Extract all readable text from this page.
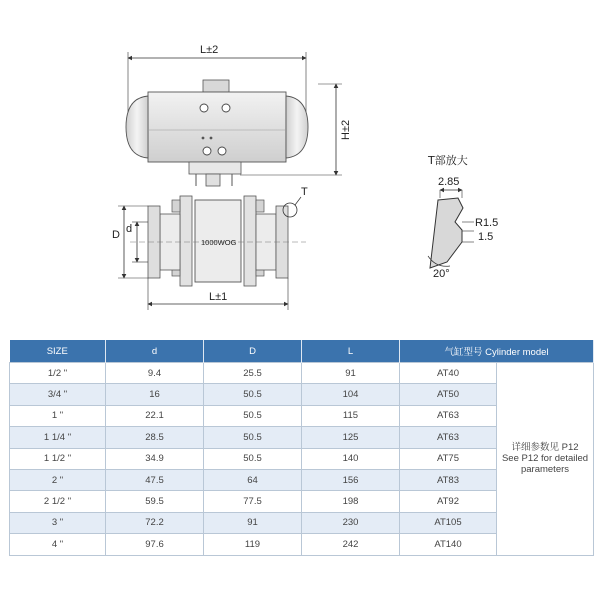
L±2
H±2
1000WOG
T
D d
L±1
T部放大
2.85
R1.5
1.5
20°
SIZE	d	D	L	气缸型号 Cylinder model	
1/2 "	9.4	25.5	91	AT40	详细参数见 P12
See P12 for detailed
parameters

3/4 "	16	50.5	104	AT50	
1 "	22.1	50.5	115	AT63	
1 1/4 "	28.5	50.5	125	AT63	
1 1/2 "	34.9	50.5	140	AT75	
2 "	47.5	64	156	AT83	
2 1/2 "	59.5	77.5	198	AT92	
3 "	72.2	91	230	AT105	
4 "	97.6	119	242	AT140	
